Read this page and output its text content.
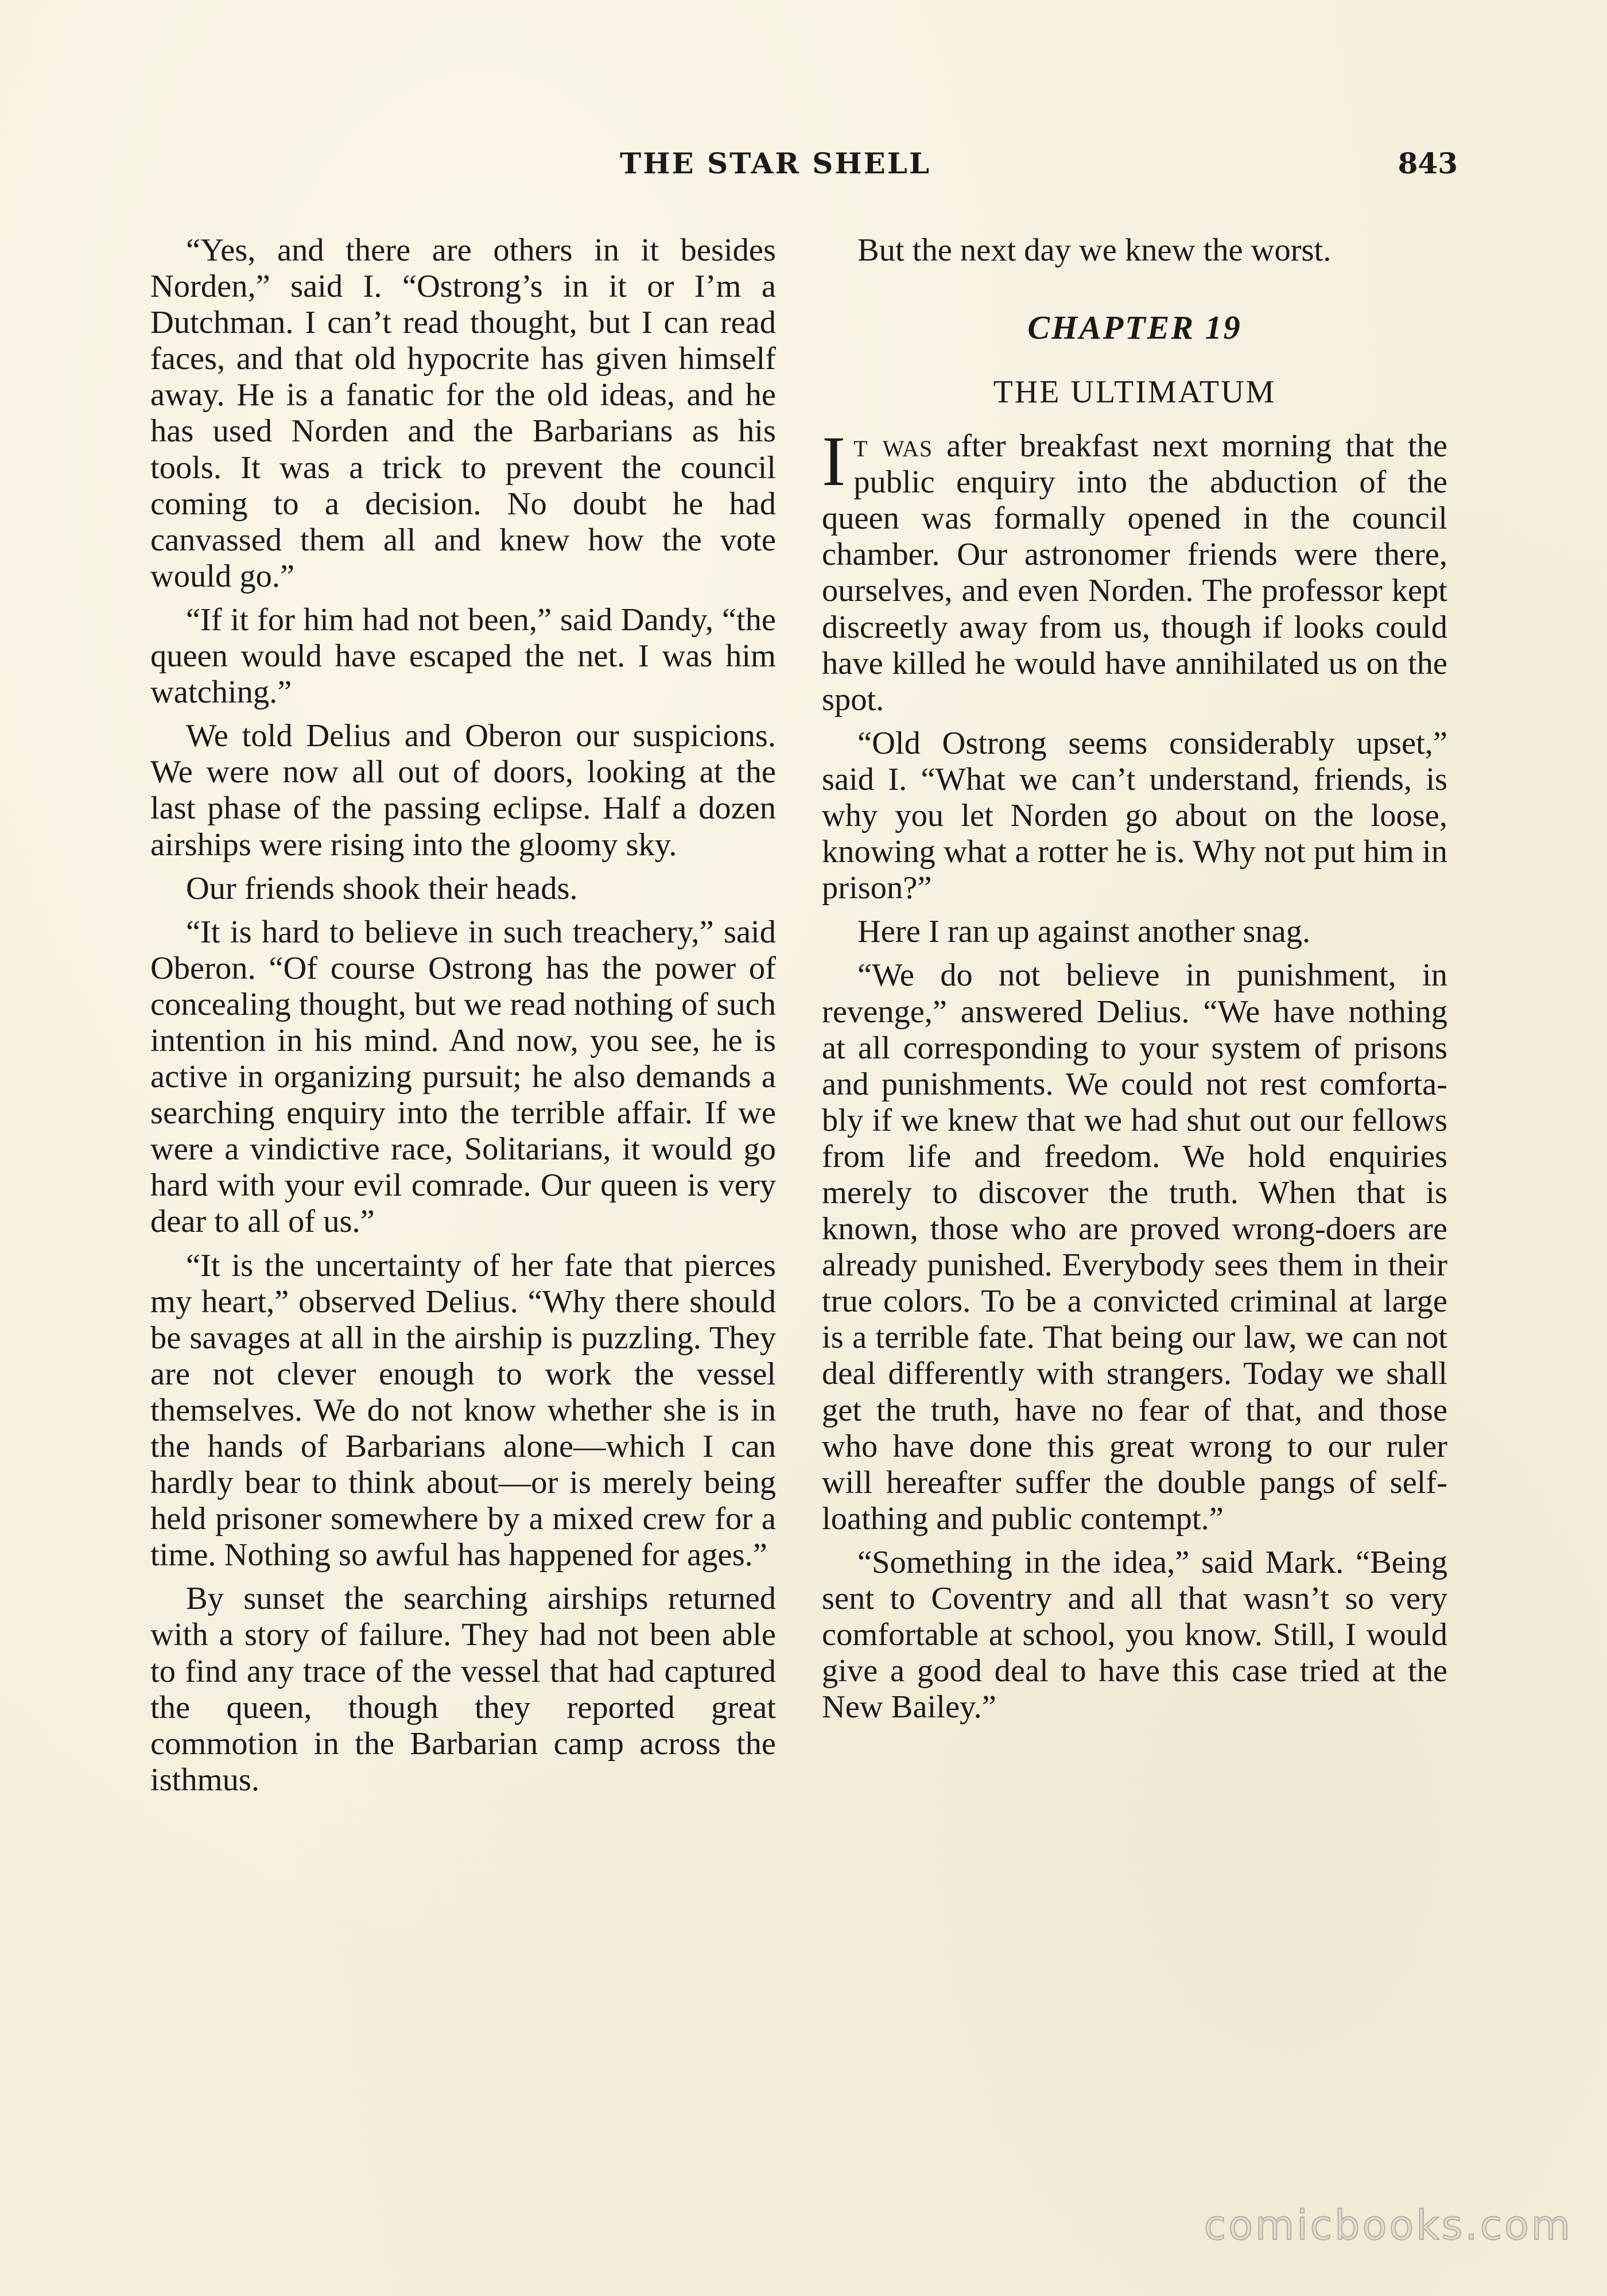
THE STAR SHELL	843

“Yes, and there are others in it besides Norden,” said I. “Ostrong’s in it or I’m a Dutchman. I can’t read thought, but I can read faces, and that old hypocrite has given himself away. He is a fanatic for the old ideas, and he has used Norden and the Barbarians as his tools. It was a trick to prevent the council coming to a decision. No doubt he had canvassed them all and knew how the vote would go.”

“If it for him had not been,” said Dandy, “the queen would have escaped the net. I was him watching.”

We told Delius and Oberon our suspicions. We were now all out of doors, looking at the last phase of the passing eclipse. Half a dozen airships were rising into the gloomy sky.

Our friends shook their heads.

“It is hard to believe in such treachery,” said Oberon. “Of course Ostrong has the power of concealing thought, but we read nothing of such intention in his mind. And now, you see, he is active in organizing pursuit; he also demands a searching enquiry into the terrible affair. If we were a vindictive race, Solitarians, it would go hard with your evil comrade. Our queen is very dear to all of us.”

“It is the uncertainty of her fate that pierces my heart,” observed Delius. “Why there should be savages at all in the airship is puzzling. They are not clever enough to work the vessel themselves. We do not know whether she is in the hands of Barbarians alone—which I can hardly bear to think about—or is merely being held prisoner somewhere by a mixed crew for a time. Nothing so awful has happened for ages.”

By sunset the searching airships returned with a story of failure. They had not been able to find any trace of the vessel that had captured the queen, though they reported great commotion in the Barbarian camp across the isthmus.

But the next day we knew the worst.

CHAPTER 19
THE ULTIMATUM

It was after breakfast next morning that the public enquiry into the abduction of the queen was formally opened in the council chamber. Our astronomer friends were there, ourselves, and even Norden. The professor kept discreetly away from us, though if looks could have killed he would have annihilated us on the spot.

“Old Ostrong seems considerably upset,” said I. “What we can’t understand, friends, is why you let Norden go about on the loose, knowing what a rotter he is. Why not put him in prison?”

Here I ran up against another snag.

“We do not believe in punishment, in revenge,” answered Delius. “We have nothing at all corresponding to your system of prisons and punishments. We could not rest comfortably if we knew that we had shut out our fellows from life and freedom. We hold enquiries merely to discover the truth. When that is known, those who are proved wrong-doers are already punished. Everybody sees them in their true colors. To be a convicted criminal at large is a terrible fate. That being our law, we can not deal differently with strangers. Today we shall get the truth, have no fear of that, and those who have done this great wrong to our ruler will hereafter suffer the double pangs of self-loathing and public contempt.”

“Something in the idea,” said Mark. “Being sent to Coventry and all that wasn’t so very comfortable at school, you know. Still, I would give a good deal to have this case tried at the New Bailey.”

comicbooks.com
